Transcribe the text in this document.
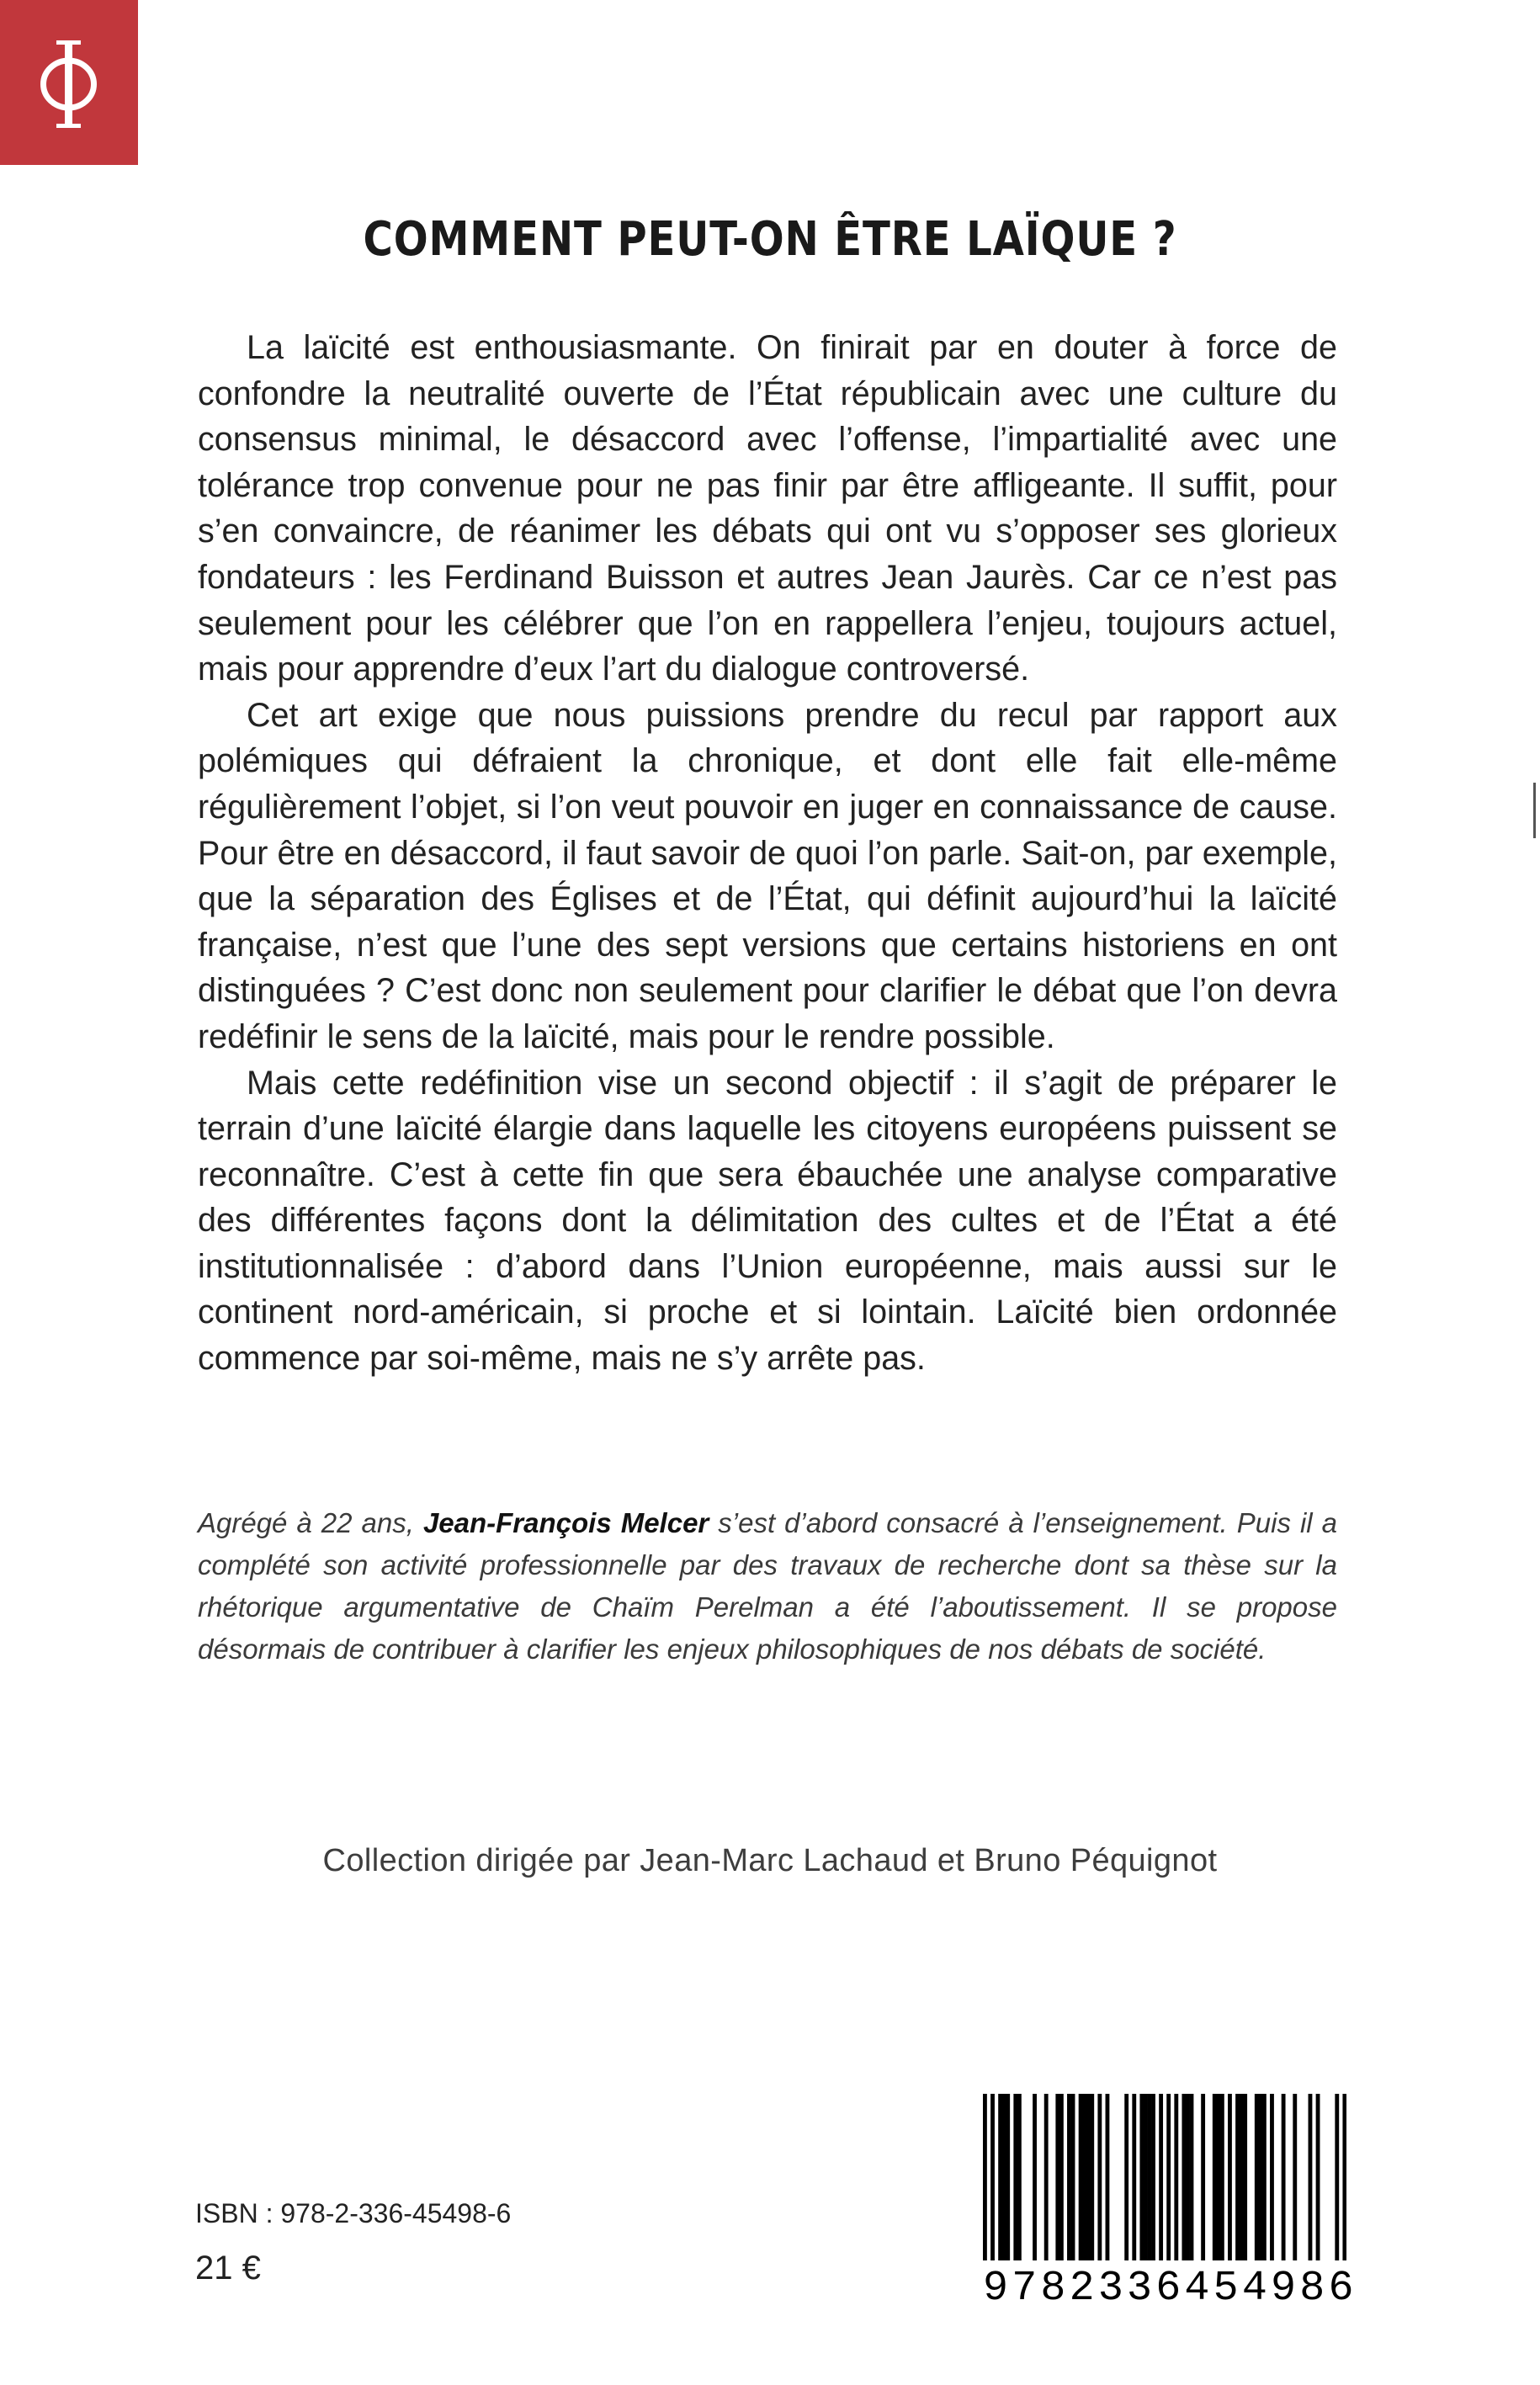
COMMENT PEUT-ON ÊTRE LAÏQUE ?

La laïcité est enthousiasmante. On finirait par en douter à force de confondre la neutralité ouverte de l’État républicain avec une culture du consensus minimal, le désaccord avec l’offense, l’impartialité avec une tolérance trop convenue pour ne pas finir par être affligeante. Il suffit, pour s’en convaincre, de réanimer les débats qui ont vu s’opposer ses glorieux fondateurs : les Ferdinand Buisson et autres Jean Jaurès. Car ce n’est pas seulement pour les célébrer que l’on en rappellera l’enjeu, toujours actuel, mais pour apprendre d’eux l’art du dialogue controversé.

Cet art exige que nous puissions prendre du recul par rapport aux polémiques qui défraient la chronique, et dont elle fait elle-même régulièrement l’objet, si l’on veut pouvoir en juger en connaissance de cause. Pour être en désaccord, il faut savoir de quoi l’on parle. Sait-on, par exemple, que la séparation des Églises et de l’État, qui définit aujourd’hui la laïcité française, n’est que l’une des sept versions que certains historiens en ont distinguées ? C’est donc non seulement pour clarifier le débat que l’on devra redéfinir le sens de la laïcité, mais pour le rendre possible.

Mais cette redéfinition vise un second objectif : il s’agit de préparer le terrain d’une laïcité élargie dans laquelle les citoyens européens puissent se reconnaître. C’est à cette fin que sera ébauchée une analyse comparative des différentes façons dont la délimitation des cultes et de l’État a été institutionnalisée : d’abord dans l’Union européenne, mais aussi sur le continent nord-américain, si proche et si lointain. Laïcité bien ordonnée commence par soi-même, mais ne s’y arrête pas.

Agrégé à 22 ans, Jean-François Melcer s’est d’abord consacré à l’enseignement. Puis il a complété son activité professionnelle par des travaux de recherche dont sa thèse sur la rhétorique argumentative de Chaïm Perelman a été l’aboutissement. Il se propose désormais de contribuer à clarifier les enjeux philosophiques de nos débats de société.
Collection dirigée par Jean-Marc Lachaud et Bruno Péquignot
ISBN : 978-2-336-45498-6
21 €	9782336454986
